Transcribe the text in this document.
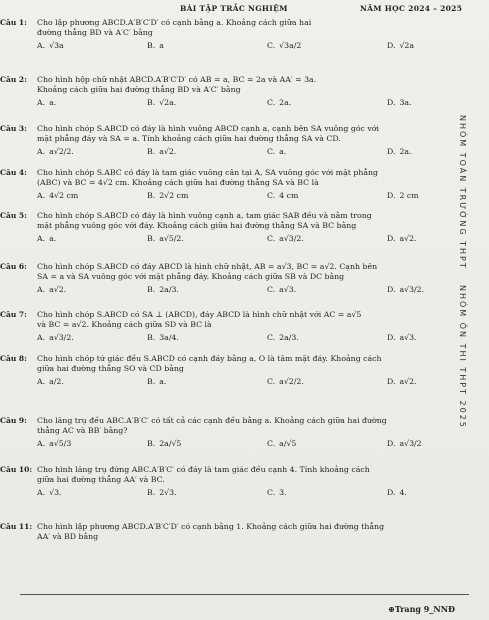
BÀI TẬP TRẮC NGHIỆM	NĂM HỌC 2024 – 2025
Câu 1: Cho lập phương ABCD.A′B′C′D′ có cạnh bằng a. Khoảng cách giữa hai
đường thẳng BD và A′C′ bằng
A. √3a	B. a	C. √3a/2	D. √2a
Câu 2: Cho hình hộp chữ nhật ABCD.A′B′C′D′ có AB = a, BC = 2a và AA′ = 3a.
Khoảng cách giữa hai đường thẳng BD và A′C′ bằng
A. a.	B. √2a.	C. 2a.	D. 3a.
Câu 3: Cho hình chóp S.ABCD có đáy là hình vuông ABCD cạnh a, cạnh bên SA vuông góc với
mặt phẳng đáy và SA = a. Tính khoảng cách giữa hai đường thẳng SA và CD.
A. a√2/2.	B. a√2.	C. a.	D. 2a.
Câu 4: Cho hình chóp S.ABC có đáy là tam giác vuông cân tại A, SA vuông góc với mặt phẳng
(ABC) và BC = 4√2 cm. Khoảng cách giữa hai đường thẳng SA và BC là
A. 4√2 cm	B. 2√2 cm	C. 4 cm	D. 2 cm
Câu 5: Cho hình chóp S.ABCD có đáy là hình vuông cạnh a, tam giác SAB đều và nằm trong
mặt phẳng vuông góc với đáy. Khoảng cách giữa hai đường thẳng SA và BC bằng
A. a.	B. a√5/2.	C. a√3/2.	D. a√2.
Câu 6: Cho hình chóp S.ABCD có đáy ABCD là hình chữ nhật, AB = a√3, BC = a√2. Cạnh bên
SA = a và SA vuông góc với mặt phẳng đáy. Khoảng cách giữa SB và DC bằng
A. a√2.	B. 2a/3.	C. a√3.	D. a√3/2.
Câu 7: Cho hình chóp S.ABCD có SA ⊥ (ABCD), đáy ABCD là hình chữ nhật với AC = a√5
và BC = a√2. Khoảng cách giữa SD và BC là
A. a√3/2.	B. 3a/4.	C. 2a/3.	D. a√3.
Câu 8: Cho hình chóp tứ giác đều S.ABCD có cạnh đáy bằng a, O là tâm mặt đáy. Khoảng cách
giữa hai đường thẳng SO và CD bằng
A. a/2.	B. a.	C. a√2/2.	D. a√2.
Câu 9: Cho lăng trụ đều ABC.A′B′C′ có tất cả các cạnh đều bằng a. Khoảng cách giữa hai đường
thẳng AC và BB′ bằng?
A. a√5/3	B. 2a/√5	C. a/√5	D. a√3/2
Câu 10: Cho hình lăng trụ đứng ABC.A′B′C′ có đáy là tam giác đều cạnh 4. Tính khoảng cách
giữa hai đường thẳng AA′ và BC.
A. √3.	B. 2√3.	C. 3.	D. 4.
Câu 11: Cho hình lập phương ABCD.A′B′C′D′ có cạnh bằng 1. Khoảng cách giữa hai đường thẳng
AA′ và BD bằng
NHÓM TOÁN TRƯỜNG THPT
NHÓM ÔN THI THPT 2025
⊕Trang 9_NNĐ
